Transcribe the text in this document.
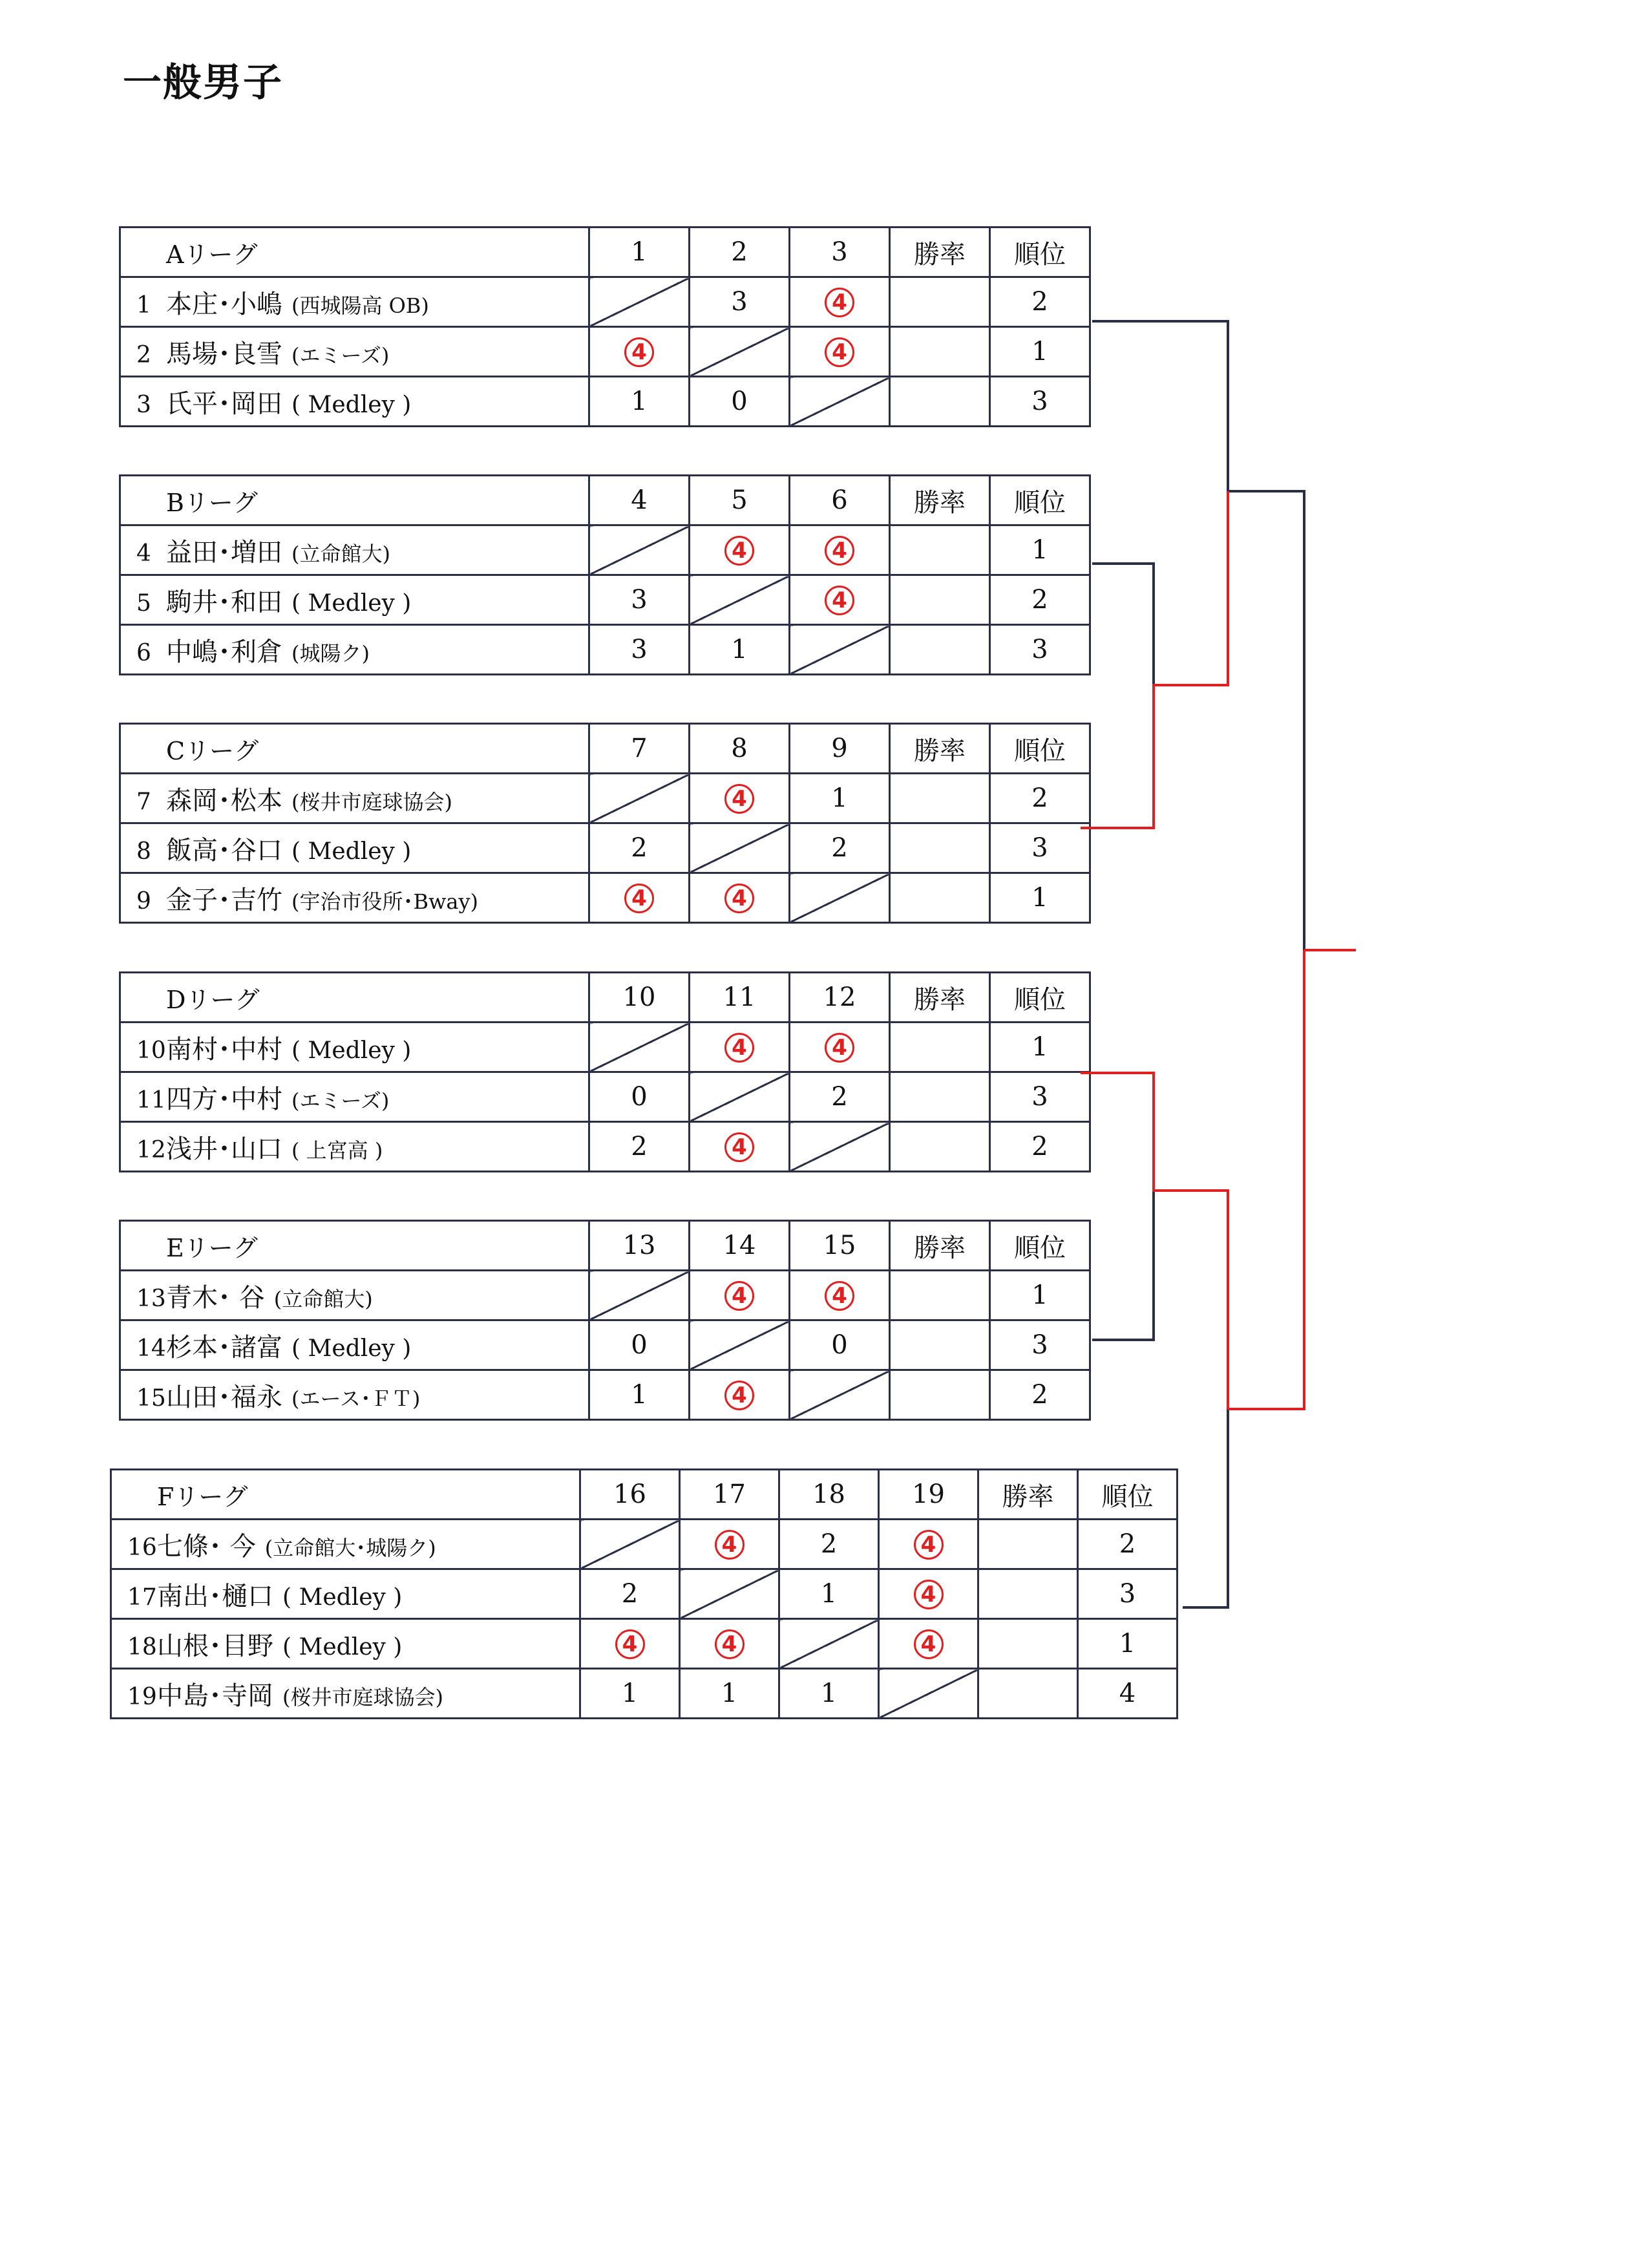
一般男子
Aリーグ	1	2	3	勝率	順位
1 本庄･小嶋 (西城陽高 OB)		3	4		2
2 馬場･良雪 (エミーズ)	4		4		1
3 氏平･岡田 ( Medley )	1	0			3
Bリーグ	4	5	6	勝率	順位
4 益田･増田 (立命館大)		4	4		1
5 駒井･和田 ( Medley )	3		4		2
6 中嶋･利倉 (城陽ク)	3	1			3
Cリーグ	7	8	9	勝率	順位
7 森岡･松本 (桜井市庭球協会)		4	1		2
8 飯高･谷口 ( Medley )	2		2		3
9 金子･吉竹 (宇治市役所･Bway)	4	4			1
Dリーグ	10	11	12	勝率	順位
10南村･中村 ( Medley )		4	4		1
11四方･中村 (エミーズ)	0		2		3
12浅井･山口 ( 上宮高 )	2	4			2
Eリーグ	13	14	15	勝率	順位
13青木･ 谷 (立命館大)		4	4		1
14杉本･諸富 ( Medley )	0		0		3
15山田･福永 (エース･ＦＴ)	1	4			2
Fリーグ	16	17	18	19	勝率	順位
16七條･ 今 (立命館大･城陽ク)		4	2	4		2
17南出･樋口 ( Medley )	2		1	4		3
18山根･目野 ( Medley )	4	4		4		1
19中島･寺岡 (桜井市庭球協会)	1	1	1			4
